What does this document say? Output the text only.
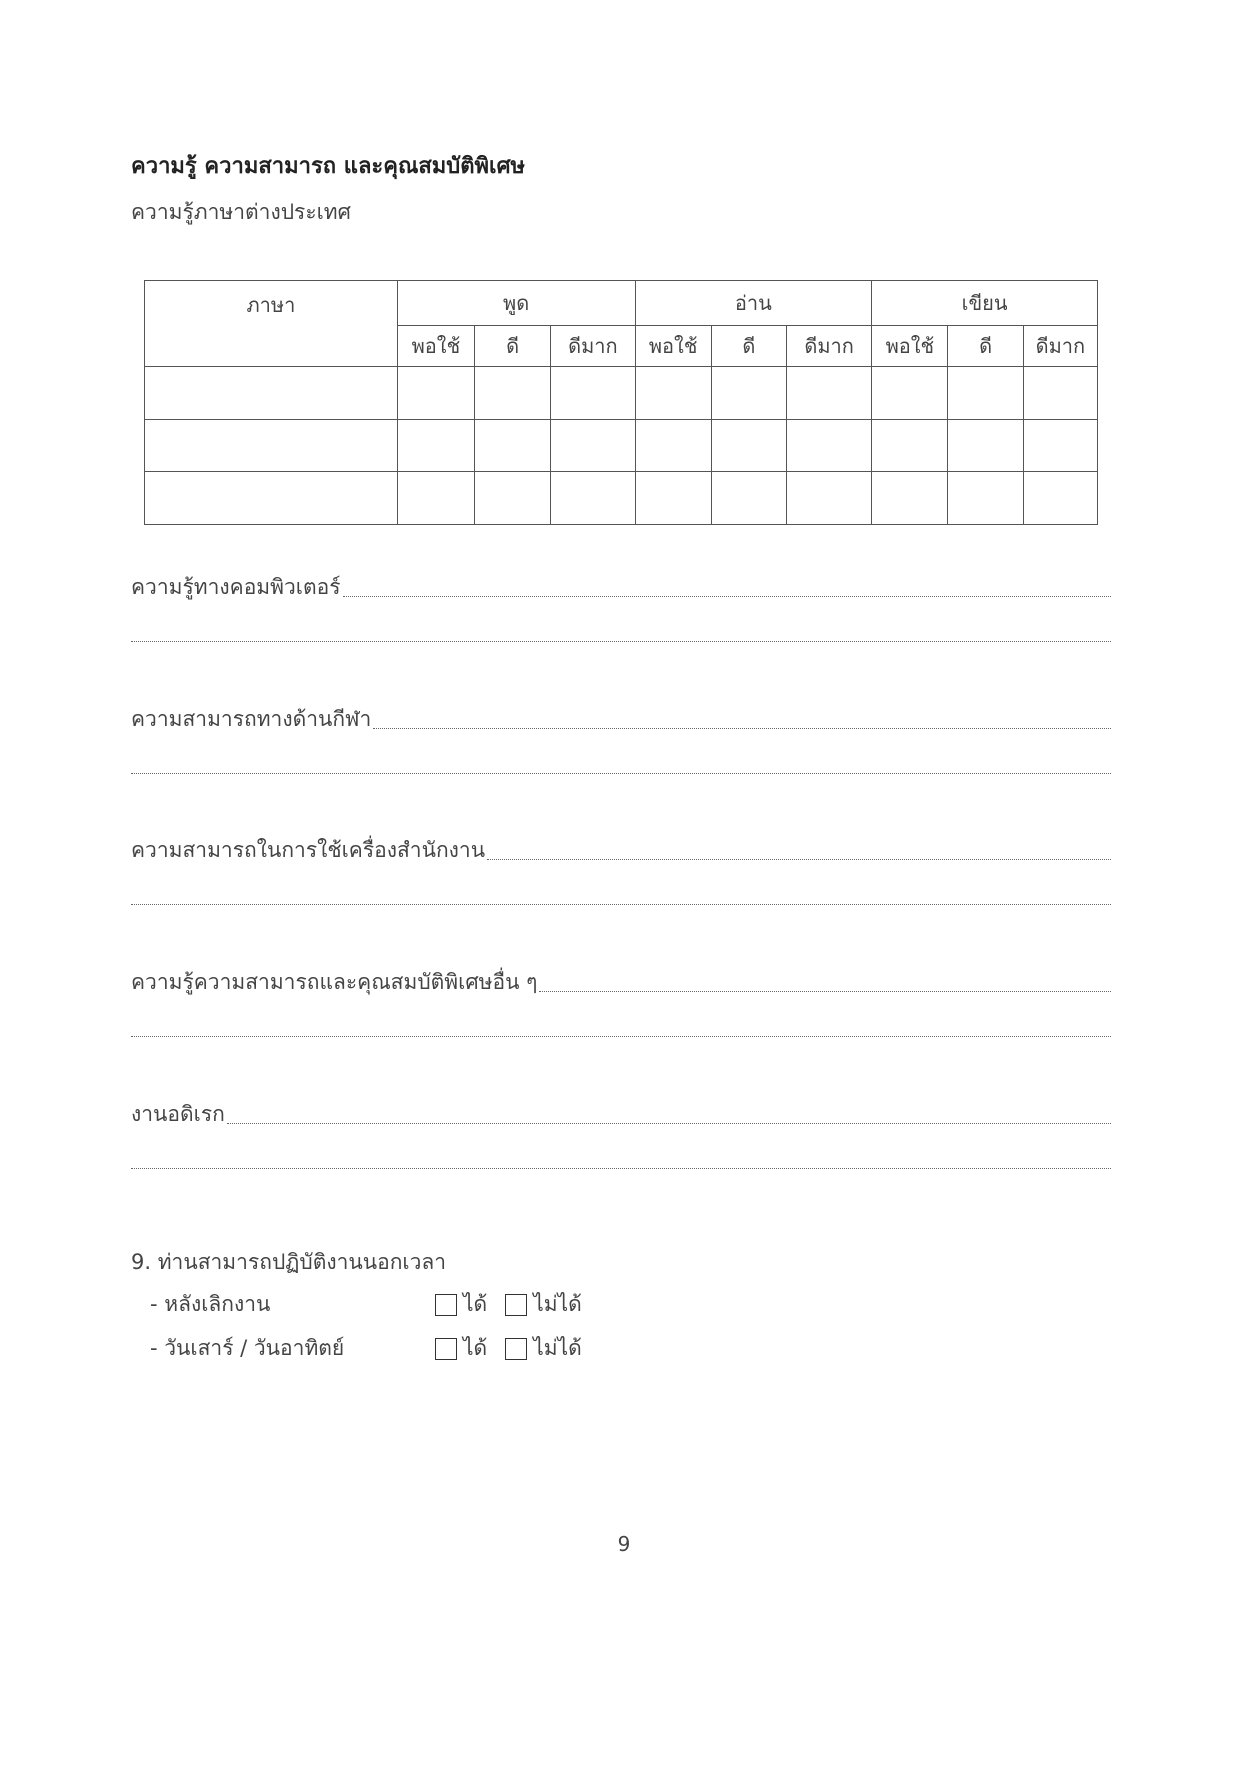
ความรู้ ความสามารถ และคุณสมบัติพิเศษ
ความรู้ภาษาต่างประเทศ
ภาษา	พูด			อ่าน			เขียน		
	พอใช้	ดี	ดีมาก	พอใช้	ดี	ดีมาก	พอใช้	ดี	ดีมาก

ความรู้ทางคอมพิวเตอร์
ความสามารถทางด้านกีฬา
ความสามารถในการใช้เครื่องสำนักงาน
ความรู้ความสามารถและคุณสมบัติพิเศษอื่น ๆ
งานอดิเรก
9. ท่านสามารถปฏิบัติงานนอกเวลา
- หลังเลิกงาน	ได้ ไม่ได้
- วันเสาร์ / วันอาทิตย์	ได้ ไม่ได้
9
